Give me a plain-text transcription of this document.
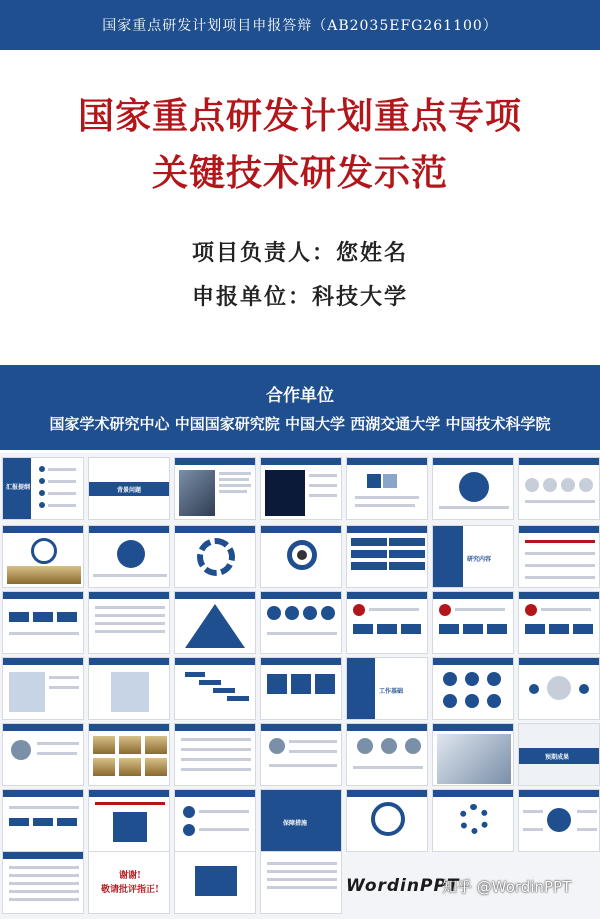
国家重点研发计划项目申报答辩（AB2035EFG261100）
国家重点研发计划重点专项
关键技术研发示范
项目负责人：您姓名
申报单位：科技大学
合作单位
国家学术研究中心 中国国家研究院 中国大学 西湖交通大学 中国技术科学院
汇报提纲	背景问题
研究内容
工作基础
预期成果
保障措施
谢谢!
敬请批评指正!	WordinPPT
知乎 @WordinPPT
